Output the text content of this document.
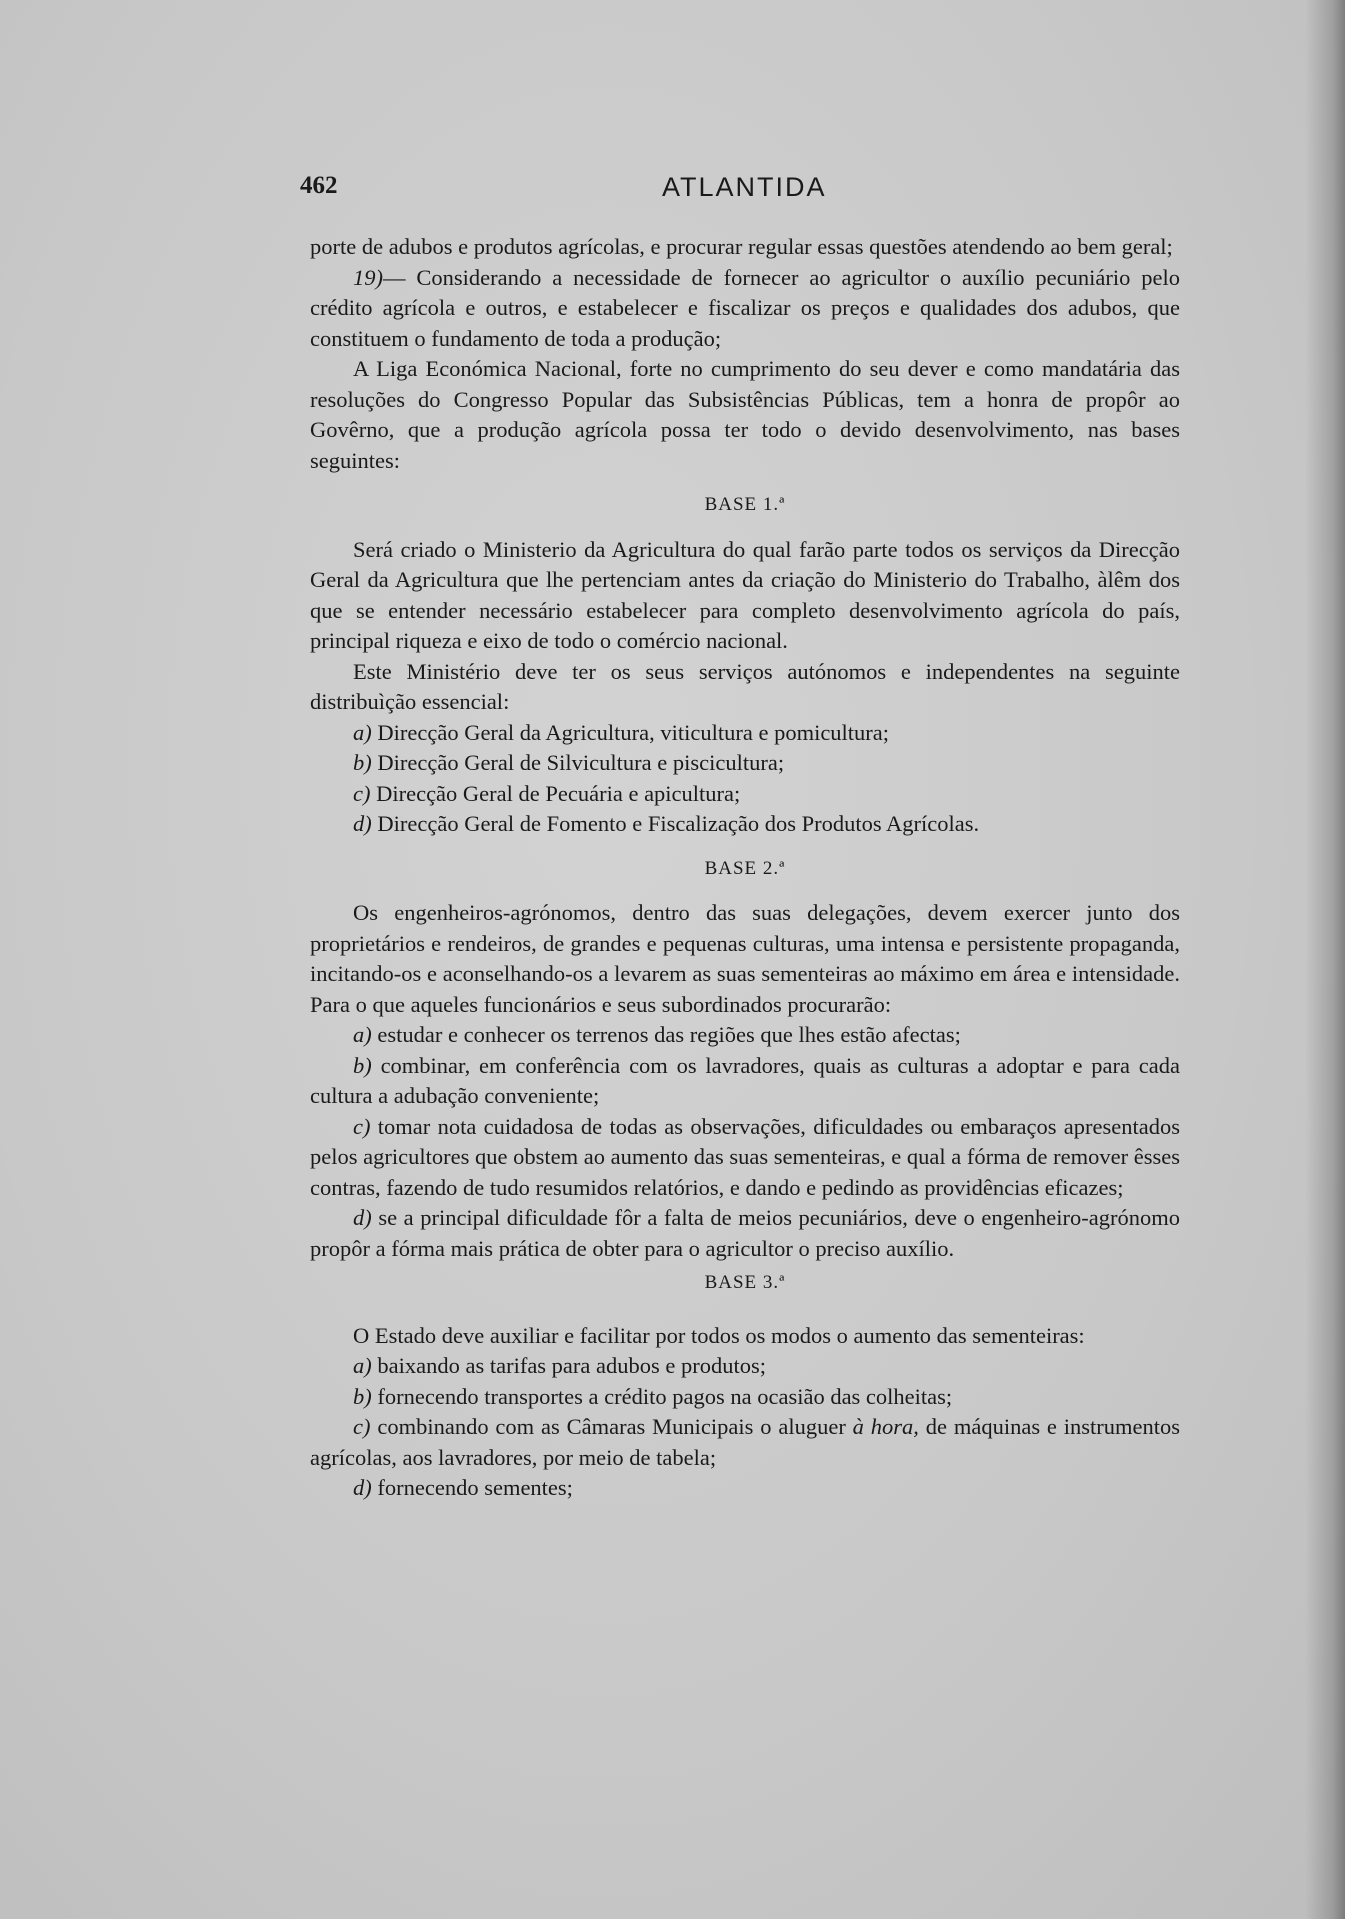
462	ATLANTIDA

porte de adubos e produtos agrícolas, e procurar regular essas questões atendendo ao bem geral;

19)— Considerando a necessidade de fornecer ao agricultor o auxílio pecuniário pelo crédito agrícola e outros, e estabelecer e fiscalizar os preços e qualidades dos adubos, que constituem o fundamento de toda a produção;

A Liga Económica Nacional, forte no cumprimento do seu dever e como mandatária das resoluções do Congresso Popular das Subsistências Públicas, tem a honra de propôr ao Govêrno, que a produção agrícola possa ter todo o devido desenvolvimento, nas bases seguintes:

BASE 1.ª

Será criado o Ministerio da Agricultura do qual farão parte todos os serviços da Direcção Geral da Agricultura que lhe pertenciam antes da criação do Ministerio do Trabalho, àlêm dos que se entender necessário estabelecer para completo desenvolvimento agrícola do país, principal riqueza e eixo de todo o comércio nacional.

Este Ministério deve ter os seus serviços autónomos e independentes na seguinte distribuìção essencial:

a) Direcção Geral da Agricultura, viticultura e pomicultura;

b) Direcção Geral de Silvicultura e piscicultura;

c) Direcção Geral de Pecuária e apicultura;

d) Direcção Geral de Fomento e Fiscalização dos Produtos Agrícolas.

BASE 2.ª

Os engenheiros-agrónomos, dentro das suas delegações, devem exercer junto dos proprietários e rendeiros, de grandes e pequenas culturas, uma intensa e persistente propaganda, incitando-os e aconselhando-os a levarem as suas sementeiras ao máximo em área e intensidade. Para o que aqueles funcionários e seus subordinados procurarão:

a) estudar e conhecer os terrenos das regiões que lhes estão afectas;

b) combinar, em conferência com os lavradores, quais as culturas a adoptar e para cada cultura a adubação conveniente;

c) tomar nota cuidadosa de todas as observações, dificuldades ou embaraços apresentados pelos agricultores que obstem ao aumento das suas sementeiras, e qual a fórma de remover êsses contras, fazendo de tudo resumidos relatórios, e dando e pedindo as providências eficazes;

d) se a principal dificuldade fôr a falta de meios pecuniários, deve o engenheiro-agrónomo propôr a fórma mais prática de obter para o agricultor o preciso auxílio.

BASE 3.ª

O Estado deve auxiliar e facilitar por todos os modos o aumento das sementeiras:

a) baixando as tarifas para adubos e produtos;

b) fornecendo transportes a crédito pagos na ocasião das colheitas;

c) combinando com as Câmaras Municipais o aluguer à hora, de máquinas e instrumentos agrícolas, aos lavradores, por meio de tabela;

d) fornecendo sementes;
